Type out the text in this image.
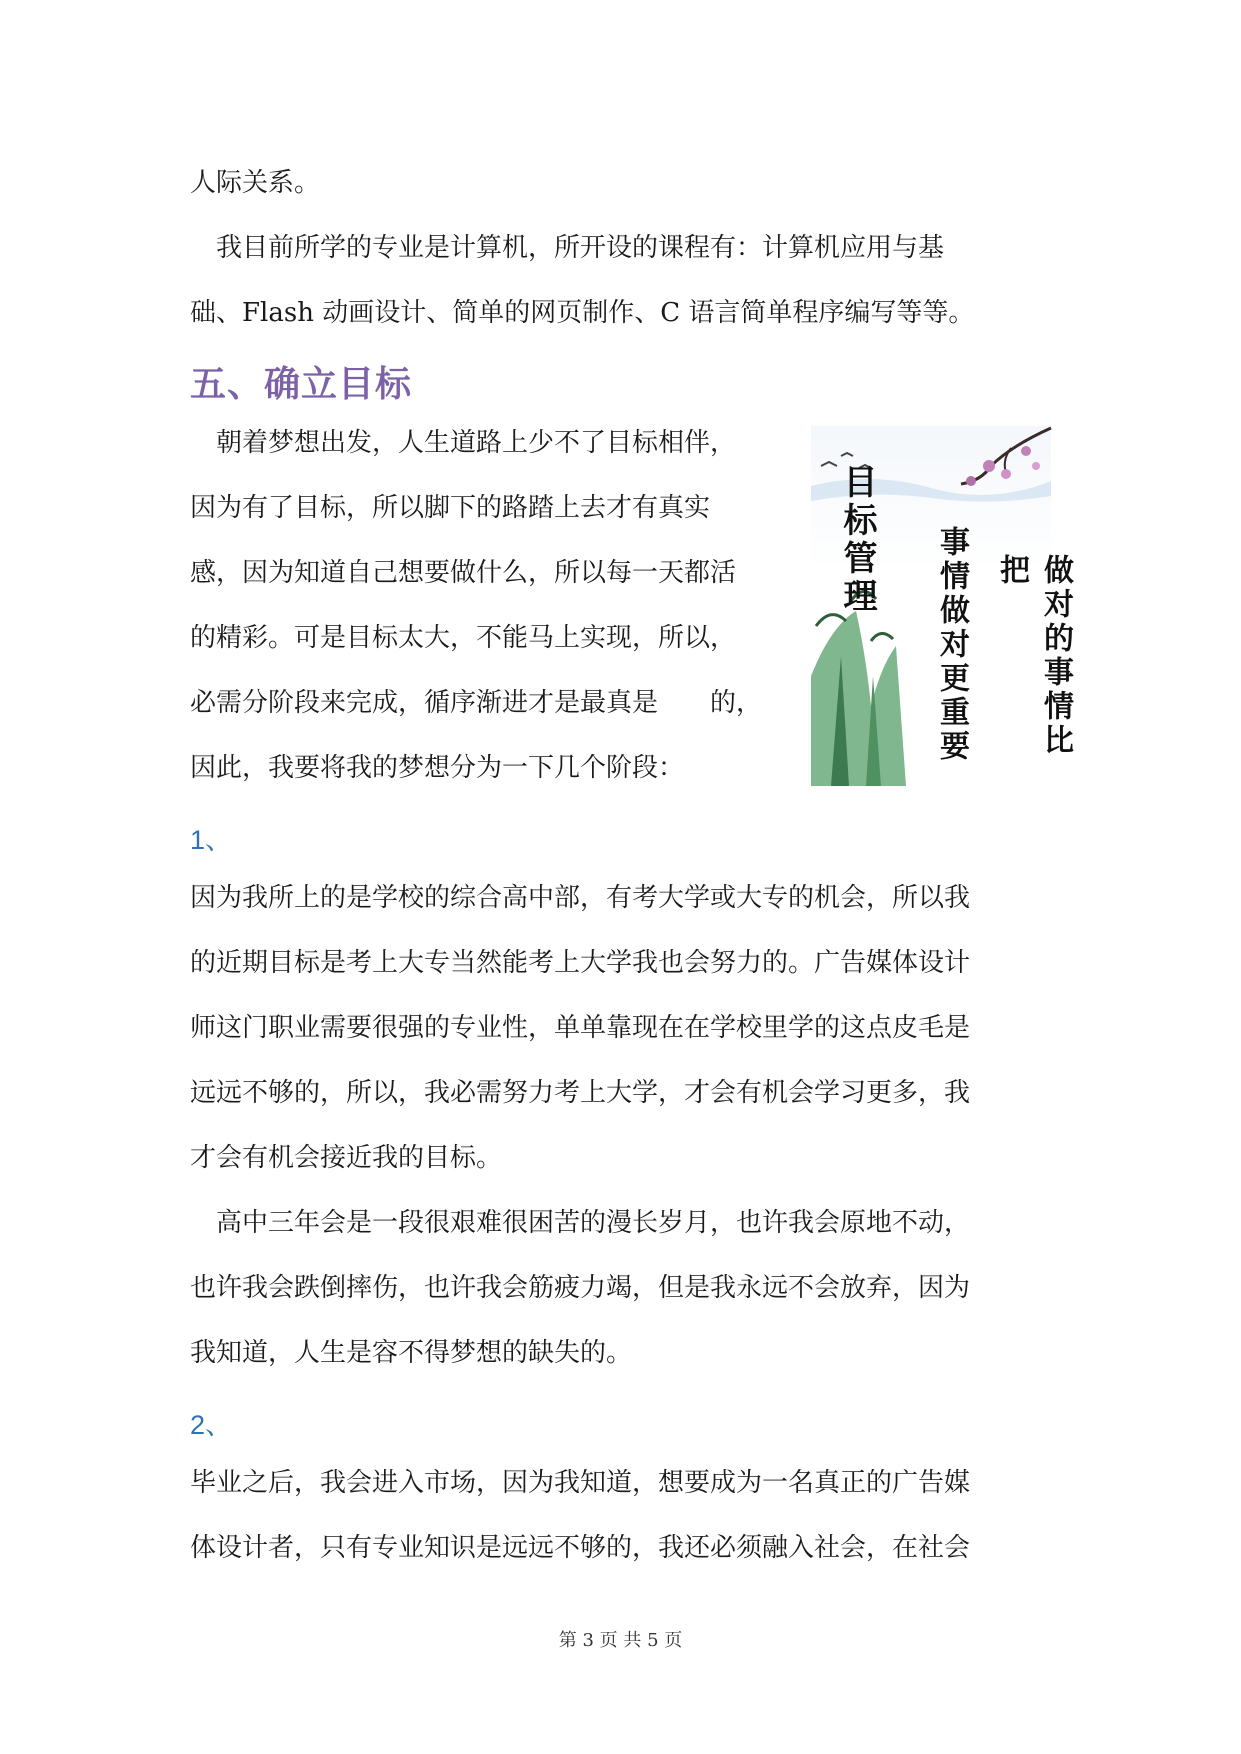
人际关系。
　我目前所学的专业是计算机，所开设的课程有：计算机应用与基
础、Flash 动画设计、简单的网页制作、C 语言简单程序编写等等。
五、确立目标
　朝着梦想出发，人生道路上少不了目标相伴，
因为有了目标，所以脚下的路踏上去才有真实
感，因为知道自己想要做什么，所以每一天都活
的精彩。可是目标太大，不能马上实现，所以，
必需分阶段来完成，循序渐进才是最真是　　的，
因此，我要将我的梦想分为一下几个阶段：
目标管理 事情做对更重要	做对的事情比把
1、
因为我所上的是学校的综合高中部，有考大学或大专的机会，所以我
的近期目标是考上大专当然能考上大学我也会努力的。广告媒体设计
师这门职业需要很强的专业性，单单靠现在在学校里学的这点皮毛是
远远不够的，所以，我必需努力考上大学，才会有机会学习更多，我
才会有机会接近我的目标。
　高中三年会是一段很艰难很困苦的漫长岁月，也许我会原地不动，
也许我会跌倒摔伤，也许我会筋疲力竭，但是我永远不会放弃，因为
我知道，人生是容不得梦想的缺失的。
2、
毕业之后，我会进入市场，因为我知道，想要成为一名真正的广告媒
体设计者，只有专业知识是远远不够的，我还必须融入社会，在社会
第 3 页 共 5 页
